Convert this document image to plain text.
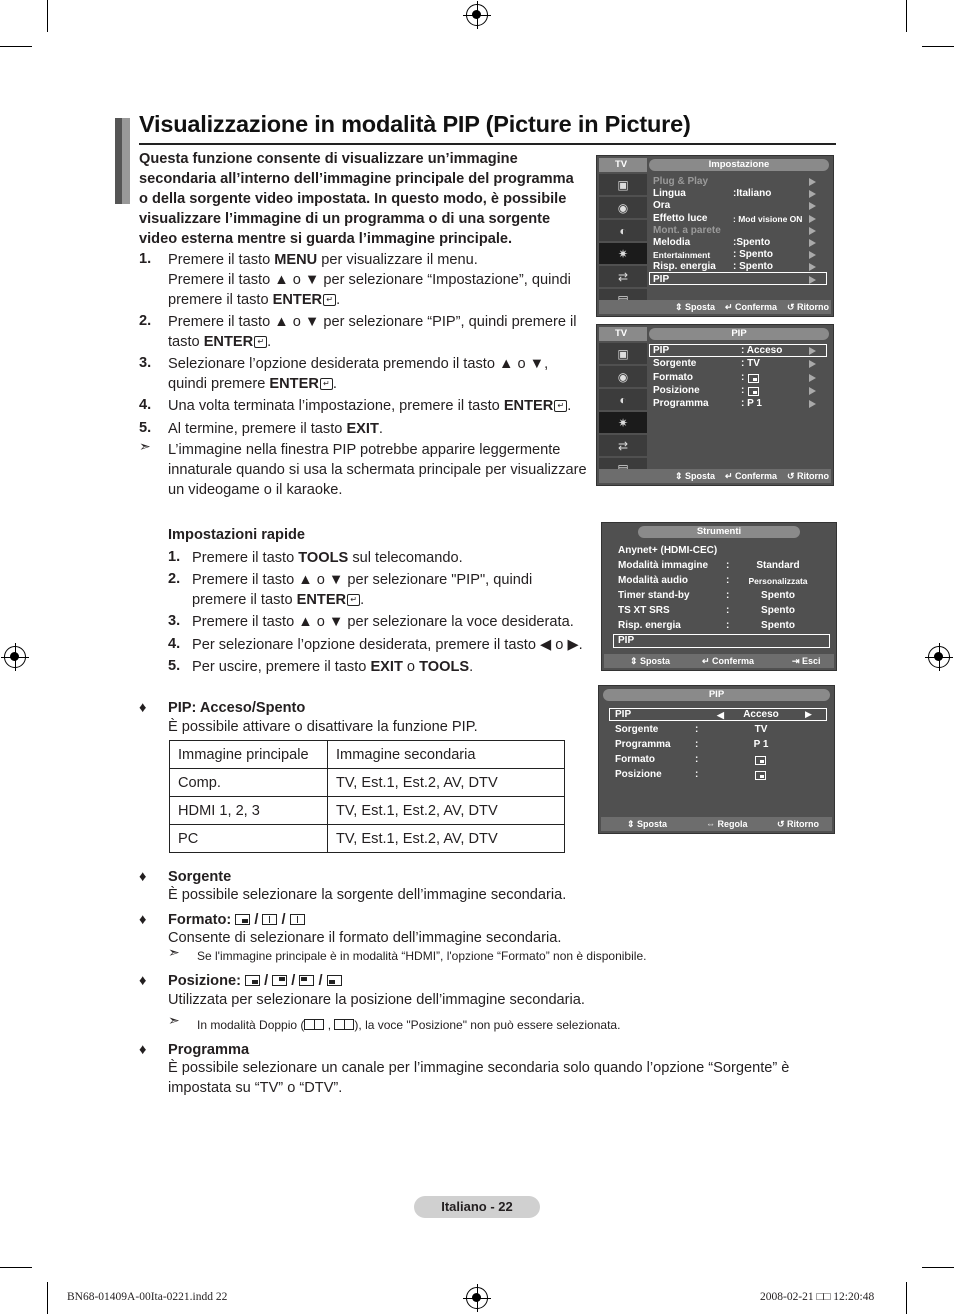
Visualizzazione in modalità PIP (Picture in Picture)
Questa funzione consente di visualizzare un’immagine
secondaria all’interno dell’immagine principale del programma
o della sorgente video impostata. In questo modo, è possibile
visualizzare l’immagine di un programma o di una sorgente
video esterna mentre si guarda l’immagine principale.
1. Premere il tasto MENU per visualizzare il menu.
Premere il tasto ▲ o ▼ per selezionare “Impostazione”, quindi
premere il tasto ENTER ↵ .
2. Premere il tasto ▲ o ▼ per selezionare “PIP”, quindi premere il
tasto ENTER ↵ .
3. Selezionare l’opzione desiderata premendo il tasto ▲ o ▼,
quindi premere ENTER ↵ .
4. Una volta terminata l’impostazione, premere il tasto ENTER ↵ .
5. Al termine, premere il tasto EXIT.
➣ L’immagine nella finestra PIP potrebbe apparire leggermente
innaturale quando si usa la schermata principale per visualizzare
un videogame o il karaoke.
Impostazioni rapide
1. Premere il tasto TOOLS sul telecomando.
2. Premere il tasto ▲ o ▼ per selezionare "PIP", quindi
premere il tasto ENTER ↵ .
3. Premere il tasto ▲ o ▼ per selezionare la voce desiderata.
4. Per selezionare l’opzione desiderata, premere il tasto ◀ o ▶.
5. Per uscire, premere il tasto EXIT o TOOLS.
♦ PIP: Acceso/Spento
È possibile attivare o disattivare la funzione PIP.
Immagine principale	Immagine secondaria
Comp.	TV, Est.1, Est.2, AV, DTV
HDMI 1, 2, 3	TV, Est.1, Est.2, AV, DTV
PC	TV, Est.1, Est.2, AV, DTV
♦ Sorgente
È possibile selezionare la sorgente dell’immagine secondaria.
♦ Formato:  /  /
Consente di selezionare il formato dell’immagine secondaria.
➣ Se l'immagine principale è in modalità “HDMI”, l'opzione “Formato” non è disponibile.
♦ Posizione:  /  /  /
Utilizzata per selezionare la posizione dell’immagine secondaria.
➣ In modalità Doppio ( , ), la voce "Posizione" non può essere selezionata.
♦ Programma
È possibile selezionare un canale per l’immagine secondaria solo quando l’opzione “Sorgente” è
impostata su “TV” o “DTV”.
TV	Impostazione
▣
◉
◐
✷
⇄
Plug & Play
Lingua	:Italiano
Ora
Effetto luce	: Mod visione ON
Mont. a parete
Melodia	:Spento
Entertainment : Spento
Risp. energia : Spento
PIP
⇕ Sposta ↵ Conferma ↺ Ritorno
TV	PIP
▣
◉
◐
✷
⇄
PIP	: Acceso
Sorgente	: TV
Formato	:
Posizione	:
Programma	: P 1
⇕ Sposta ↵ Conferma ↺ Ritorno
Strumenti
Anynet+ (HDMI-CEC)
Modalità immagine :	Standard
Modalità audio	: Personalizzata
Timer stand-by	:	Spento
TS XT SRS	:	Spento
Risp. energia	:	Spento
PIP
⇕ Sposta	↵ Conferma	⇥ Esci
PIP
PIP	◀	Acceso
Sorgente	:	TV
Programma :	P 1
Formato	:
Posizione	:
▶
⇕ Sposta	⇔ Regola	↺ Ritorno
Italiano - 22
BN68-01409A-00Ita-0221.indd 22	2008-02-21 □□ 12:20:48
